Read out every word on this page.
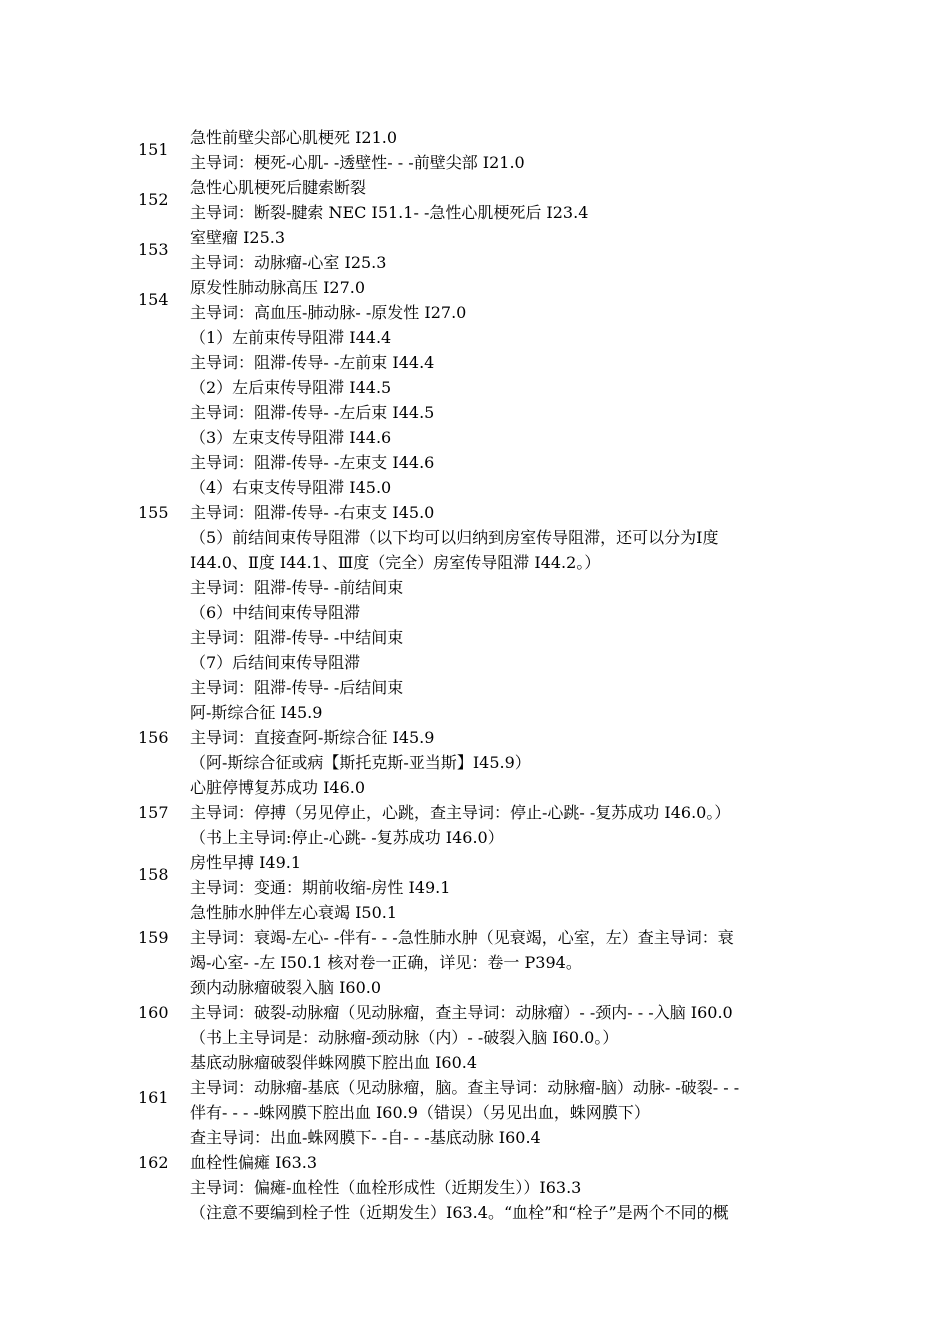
151
急性前壁尖部心肌梗死 I21.0
主导词：梗死-心肌- -透壁性- - -前壁尖部 I21.0
152
急性心肌梗死后腱索断裂
主导词：断裂-腱索 NEC I51.1- -急性心肌梗死后 I23.4
153
室壁瘤 I25.3
主导词：动脉瘤-心室 I25.3
154
原发性肺动脉高压 I27.0
主导词：高血压-肺动脉- -原发性 I27.0
155
（1）左前束传导阻滞 I44.4
主导词：阻滞-传导- -左前束 I44.4
（2）左后束传导阻滞 I44.5
主导词：阻滞-传导- -左后束 I44.5
（3）左束支传导阻滞 I44.6
主导词：阻滞-传导- -左束支 I44.6
（4）右束支传导阻滞 I45.0
主导词：阻滞-传导- -右束支 I45.0
（5）前结间束传导阻滞（以下均可以归纳到房室传导阻滞，还可以分为Ⅰ度
I44.0、Ⅱ度 I44.1、Ⅲ度（完全）房室传导阻滞 I44.2。）
主导词：阻滞-传导- -前结间束
（6）中结间束传导阻滞
主导词：阻滞-传导- -中结间束
（7）后结间束传导阻滞
主导词：阻滞-传导- -后结间束
156
阿-斯综合征 I45.9
主导词：直接查阿-斯综合征 I45.9
（阿-斯综合征或病【斯托克斯-亚当斯】I45.9）
157
心脏停博复苏成功 I46.0
主导词：停搏（另见停止，心跳，查主导词：停止-心跳- -复苏成功 I46.0。）
（书上主导词:停止-心跳- -复苏成功 I46.0）
158
房性早搏 I49.1
主导词：变通：期前收缩-房性 I49.1
159
急性肺水肿伴左心衰竭 I50.1
主导词：衰竭-左心- -伴有- - -急性肺水肿（见衰竭，心室，左）查主导词：衰
竭-心室- -左 I50.1 核对卷一正确，详见：卷一 P394。
160
颈内动脉瘤破裂入脑 I60.0
主导词：破裂-动脉瘤（见动脉瘤，查主导词：动脉瘤）- -颈内- - -入脑 I60.0
（书上主导词是：动脉瘤-颈动脉（内）- -破裂入脑 I60.0。）
161
基底动脉瘤破裂伴蛛网膜下腔出血 I60.4
主导词：动脉瘤-基底（见动脉瘤，脑。查主导词：动脉瘤-脑）动脉- -破裂- - -
伴有- - - -蛛网膜下腔出血 I60.9（错误）（另见出血，蛛网膜下）
查主导词：出血-蛛网膜下- -自- - -基底动脉 I60.4
162	血栓性偏瘫 I63.3
主导词：偏瘫-血栓性（血栓形成性（近期发生））I63.3
（注意不要编到栓子性（近期发生）I63.4。“血栓”和“栓子”是两个不同的概
